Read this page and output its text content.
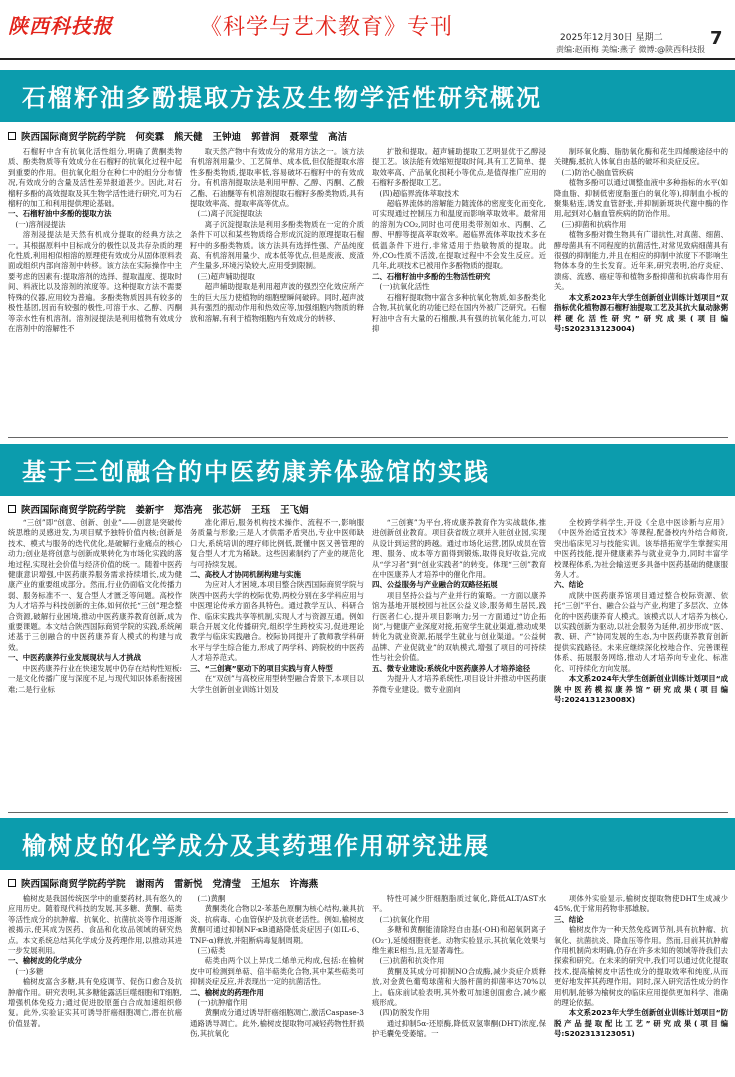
陕西科技报	《科学与艺术教育》专刊	2025年12月30日 星期二
责编:赵雨梅 美编:燕子 微博:@陕西科技报
7
石榴籽油多酚提取方法及生物学活性研究概况
陕西国际商贸学院药学院 何奕霖 熊天健 王钟迪 郭普润 聂翠莹 高洁

石榴籽中含有抗氧化活性组分,明确了黄酮类物质、酚类物质等有效成分在石榴籽的抗氧化过程中起到重要的作用。但抗氧化组分在种仁中的组分分布情况,有效成分的含量及活性差异报道甚少。因此,对石榴籽多酚的高效提取及其生物学活性进行研究,可为石榴籽的加工和利用提供理论基础。

一、石榴籽油中多酚的提取方法

(一)溶剂浸提法

溶剂浸提法是天然有机成分提取的经典方法之一。其根据原料中目标成分的极性以及共存杂质的理化性质,利用相似相溶的原理使有效成分从固体原料表面或组织内部向溶剂中转移。该方法在实际操作中主要考虑的因素有:提取溶剂的选择、提取温度、提取时间、料液比以及溶剂的浓度等。这种提取方法不需要特殊的仪器,应用较为普遍。多酚类物质因具有较多的极性基团,因而有较强的极性,可溶于水、乙醇、丙酮等亲水性有机溶剂。溶剂浸提法是利用植物有效成分在溶剂中的溶解性不

取天然产物中有效成分的常用方法之一。该方法有机溶剂用量少、工艺简单、成本低,但仅能提取水溶性多酚类物质,提取率低,容易破坏石榴籽中的有效成分。有机溶剂提取法是利用甲醇、乙醇、丙酮、乙酸乙酯、石油醚等有机溶剂提取石榴籽多酚类物质,具有提取效率高、提取率高等优点。

(二)离子沉淀提取法

离子沉淀提取法是利用多酚类物质在一定的介质条件下可以和某些物质络合形成沉淀的原理提取石榴籽中的多酚类物质。该方法具有选择性强、产品纯度高、有机溶剂用量少、成本低等优点,但是废液、废渣产生量多,环境污染较大,应用受到限制。

(三)超声辅助提取

超声辅助提取是利用超声波的强烈空化效应所产生的巨大压力使植物的细胞壁瞬间破碎。同时,超声波具有强烈的振动作用和热效应等,加强细胞内物质的释放和溶解,有利于植物细胞内有效成分的转移、

扩散和提取。超声辅助提取工艺明显优于乙醇浸提工艺。该法能有效缩短提取时间,具有工艺简单、提取效率高、产品氧化损耗小等优点,是值得推广应用的石榴籽多酚提取工艺。

(四)超临界流体萃取技术

超临界流体的溶解能力随流体的密度变化而变化,可实现通过控制压力和温度而影响萃取效率。最常用的溶剂为CO₂,同时也可使用类带剂如水、丙酮、乙醇、甲醇等提高萃取效率。超临界流体萃取技术多在低温条件下进行,非常适用于热敏物质的提取。此外,CO₂性质不活泼,在提取过程中不会发生反应。近几年,此项技术已被用作多酚物质的提取。

二、石榴籽油中多酚的生物活性研究

(一)抗氧化活性

石榴籽提取物中富含多种抗氧化物质,如多酚类化合物,其抗氧化的功能已经在国内外被广泛研究。石榴籽油中含有大量的石榴酸,具有强的抗氧化能力,可以抑

制环氧化酶、脂肪氧化酶和花生四烯酸途径中的关键酶,抵抗人体氧自由基的破坏和炎症反应。

(二)防治心脑血管疾病

植物多酚可以通过调整血液中多种指标的水平(如降血脂、抑制低密度脂蛋白的氧化等),抑制血小板的聚集粘连,诱发血管舒张,并抑制新斑块代谢中酶的作用,起到对心脑血管疾病的防治作用。

(三)抑菌和抗病作用

植物多酚对微生物具有广谱抗性,对真菌、细菌、酵母菌具有不同程度的抗菌活性,对常见致病细菌具有很强的抑制能力,并且在相应的抑制中浓度下不影响生物体本身的生长发育。近年来,研究表明,治疗炎症、溃疡、流感、癌症等和植物多酚抑菌和抗病毒作用有关。

本文系2023年大学生创新创业训练计划项目“双指标优化植物源石榴籽油提取工艺及其抗大鼠动脉粥样硬化活性研究”研究成果(项目编号:S202313123004)

基于三创融合的中医药康养体验馆的实践
陕西国际商贸学院药学院 姜新宇 郑浩亮 张芯妍 王珏 王飞娟

“三创”即“创意、创新、创业”——创意是突破传统思维的灵感迸发,为项目赋予独特价值内核;创新是技术、模式与服务的迭代优化,是破解行业痛点的核心动力;创业是将创意与创新成果转化为市场化实践的落地过程,实现社会价值与经济价值的统一。随着中医药健康意识增强,中医药康养服务需求持续增长,成为健康产业的重要组成部分。然而,行业仍面临文化传播力弱、服务标准不一、复合型人才匮乏等问题。高校作为人才培养与科技创新的主体,如何依托“三创”理念整合资源,破解行业困境,推动中医药康养教育创新,成为重要课题。本文结合陕西国际商贸学院的实践,系统阐述基于三创融合的中医药康养育人模式的构建与成效。

一、中医药康养行业发展现状与人才挑战

中医药康养行业在快速发展中仍存在结构性短板:一是文化传播广度与深度不足,与现代知识体系衔接困难;二是行业标

准化滞后,服务机构技术操作、流程不一,影响服务质量与形象;三是人才供需矛盾突出,专业中医师缺口大,系统培训的理疗师比例低,既懂中医又善管理的复合型人才尤为稀缺。这些因素制约了产业的规范化与可持续发展。

二、高校人才协同机制构建与实施

为应对人才困境,本项目整合陕西国际商贸学院与陕西中医药大学的校际优势,两校分别在多学科应用与中医理论传承方面各具特色。通过教学互认、科研合作、临床实践共享等机制,实现人才与资源互通。例如联合开展文化传播研究,组织学生跨校实习,促进理论教学与临床实践融合。校际协同提升了教师教学科研水平与学生综合能力,形成了两学科、跨院校的中医药人才培养范式。

三、“三创赛”驱动下的项目实践与育人特型

在“双创”与高校应用型转型融合背景下,本项目以大学生创新创业训练计划及

“三创赛”为平台,将成康养教育作为实战载体,推进创新创业教育。项目获省级立项并入驻创业园,实现从设计到运营的跨越。通过市场化运营,团队成员在管理、服务、成本等方面得到锻炼,取得良好收益,完成从“学习者”到“创业实践者”的转变。体现“三创”教育在中医康养人才培养中的催化作用。

四、公益服务与产业融合的双路径拓展

项目坚持公益与产业并行的策略。一方面以康养馆为基地开展校园与社区公益义诊,服务师生居民,践行医者仁心,提升项目影响力;另一方面通过“访企拓岗”,与健康产业深度对接,拓宽学生就业渠道,推动成果转化为就业资源,拓展学生就业与创业渠道。“公益树品牌、产业促就业”的双轨模式,增强了项目的可持续性与社会价值。

五、微专业建设:系统化中医药康养人才培养途径

为提升人才培养系统性,项目设计并推动中医药康养微专业建设。微专业面向

全校跨学科学生,开设《全息中医诊断与应用》《中医外治适宜技术》等课程,配备校内外结合师资,突出临床见习与技能实训。该举措拓宽学生掌握实用中医药技能,提升健康素养与就业竞争力,同时丰富学校课程体系,为社会输送更多具备中医药基础的健康服务人才。

六、结论

成陕中医药康养馆项目通过整合校际资源、依托“三创”平台、融合公益与产业,构建了多层次、立体化的中医药康养育人模式。该模式以人才培养为核心,以实践创新为驱动,以社会服务为延伸,初步形成“医、教、研、产”协同发展的生态,为中医药康养教育创新提供实践路径。未来应继续深化校地合作、完善课程体系、拓展服务网络,推动人才培养向专业化、标准化、可持续化方向发展。

本文系2024年大学生创新创业训练计划项目“成陕中医药模拟康养馆”研究成果(项目编号:202413123008X)

榆树皮的化学成分及其药理作用研究进展
陕西国际商贸学院药学院 谢雨芮 雷新悦 党清莹 王旭东 许海燕

榆树皮是我国传统医学中的重要药材,具有悠久的应用历史。随着现代科技的发展,其多糖、黄酮、萜类等活性成分的抗肿瘤、抗氧化、抗菌抗炎等作用逐渐被揭示,使其成为医药、食品和化妆品领域的研究热点。本文系统总结其化学成分及药理作用,以推动其进一步发展利用。

一、榆树皮的化学成分

(一)多糖

榆树皮富含多糖,具有免疫调节、促伤口愈合及抗肿瘤作用。研究表明,其多糖能露活巨噬细胞和T细胞,增强机体免疫力;通过促进胶原蛋白合成加速组织修复。此外,实验证实其可诱导肝癌细胞凋亡,潜在抗癌价值显著。

(二)黄酮

黄酮类化合物以2-苯基色原酮为核心结构,兼具抗炎、抗病毒、心血管保护及抗衰老活性。例如,榆树皮黄酮可通过抑制NF-κB通路降低炎症因子(如IL-6、TNF-α)释放,并阻断病毒复制周期。

(三)萜类

萜类由两个以上异戊二烯单元构成,包括:在榆树皮中可检测到单萜、倍半萜类化合物,其中某些萜类可抑制炎症反应,并表现出一定的抗菌活性。

二、榆树皮的药理作用

(一)抗肿瘤作用

黄酮成分通过诱导肝癌细胞凋亡,激活Caspase-3通路诱导凋亡。此外,榆树皮提取物可减轻药物性肝损伤,其抗氧化

特性可减少肝细胞脂质过氧化,降低ALT/AST水平。

(二)抗氧化作用

多糖和黄酮能清除羟自由基(·OH)和超氧阴离子(O₂⁻),延缓细胞衰老。动物实验显示,其抗氧化效果与维生素E相当,且无显著毒性。

(三)抗菌和抗炎作用

黄酮及其成分可抑制NO合成酶,减少炎症介质释放,对金黄色葡萄球菌和大肠杆菌的抑菌率达70%以上。临床前试验表明,其外敷可加速创面愈合,减少瘢痕形成。

(四)防脱发作用

通过抑制5α-还原酶,降低双氢睾酮(DHT)浓度,保护毛囊免受萎缩。一

项体外实验显示,榆树皮提取物使DHT生成减少45%,优于常用药物非那雄胺。

三、结论

榆树皮作为一种天然免疫调节剂,具有抗肿瘤、抗氧化、抗菌抗炎、降血压等作用。然而,目前其抗肿瘤作用机制尚未明确,仍存在许多未知的领域等待我们去探索和研究。在未来的研究中,我们可以通过优化提取技术,提高榆树皮中活性成分的提取效率和纯度,从而更好地发挥其药理作用。同时,深入研究活性成分的作用机制,能够为榆树皮的临床应用提供更加科学、准确的理论依据。

本文系2023年大学生创新创业训练计划项目“防脱产品提取配比工艺”研究成果(项目编号:S202313123051)
